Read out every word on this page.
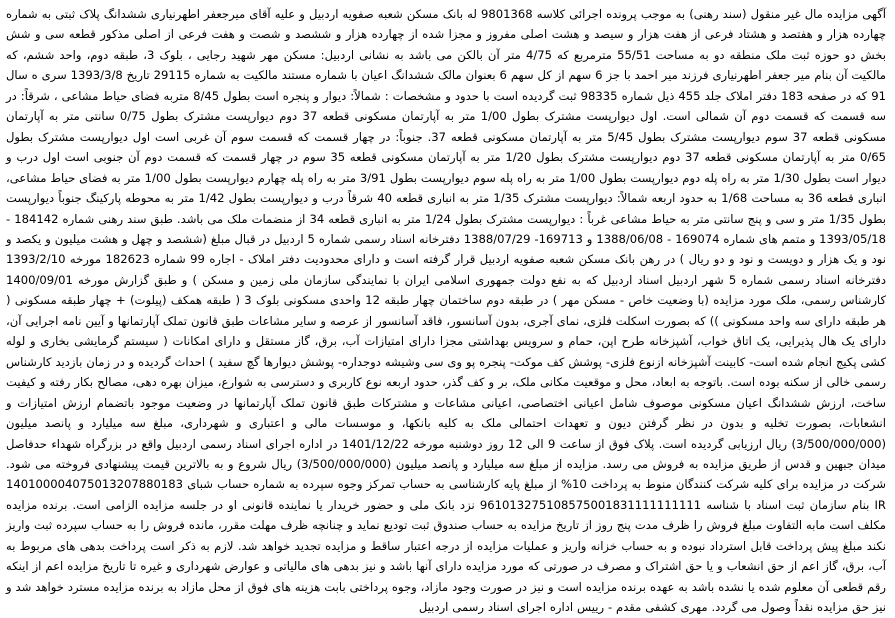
آگهی مزایده مال غیر منقول (سند رهنی) به موجب پرونده اجرائی کلاسه 9801368 له بانک مسکن شعبه صفویه اردبیل و علیه آقای میرجعفر اطهرنیاری ششدانگ پلاک ثبتی به شماره چهارده هزار و هفتصد و هشتاد فرعی از هفت هزار و سیصد و هشت اصلی مفروز و مجزا شده از چهارده هزار و ششصد و شصت و هفت فرعی از اصلی مذکور قطعه سی و شش بخش دو حوزه ثبت ملک منطقه دو به مساحت 55/51 مترمربع که 4/75 متر آن بالکن می باشد به نشانی اردبیل: مسکن مهر شهید رجایی ، بلوک 3، طبقه دوم، واحد ششم، که مالکیت آن بنام میر جعفر اطهرنیاری فرزند میر احمد با جز 6 سهم از کل سهم 6 بعنوان مالک ششدانگ اعیان با شماره مستند مالکیت به شماره 29115 تاریخ 1393/3/8 سری ه سال 91 که در صفحه 183 دفتر املاک جلد 455 ذیل شماره 98335 ثبت گردیده است با حدود و مشخصات : شمالاً: دیوار و پنجره است بطول 8/45 متربه فضای حیاط مشاعی ، شرقاً: در سه قسمت که قسمت دوم آن شمالی است. اول دیوارپست مشترک بطول 1/00 متر به آپارتمان مسکونی قطعه 37 دوم دیوارپست مشترک بطول 0/75 سانتی متر به آپارتمان مسکونی قطعه 37 سوم دیوارپست مشترک بطول 5/45 متر به آپارتمان مسکونی قطعه 37. جنوباً: در چهار قسمت که قسمت سوم آن غربی است اول دیوارپست مشترک بطول 0/65 متر به آپارتمان مسکونی قطعه 37 دوم دیوارپست مشترک بطول 1/20 متر به آپارتمان مسکونی قطعه 35 سوم در چهار قسمت که قسمت دوم آن جنوبی است اول درب و دیوار است بطول 1/30 متر به راه پله دوم دیوارپست بطول 1/00 متر به راه پله سوم دیوارپست بطول 3/91 متر به راه پله چهارم دیوارپست بطول 1/00 متر به فضای حیاط مشاعی، انباری قطعه 36 به مساحت 1/68 به حدود اربعه شمالاً: دیوارپست مشترک 1/35 متر به انباری قطعه 40 شرقاً درب و دیوارپست بطول 1/42 متر به محوطه پارکینگ جنوباً دیوارپست بطول 1/35 متر و سی و پنج سانتی متر به حیاط مشاعی غرباً : دیوارپست مشترک بطول 1/24 متر به انباری قطعه 34 از منضمات ملک می باشد. طبق سند رهنی شماره 184142 - 1393/05/18 و متمم های شماره 169074 - 1388/06/08 و 169713- 1388/07/29 دفترخانه اسناد رسمی شماره 5 اردبیل در قبال مبلغ (ششصد و چهل و هشت میلیون و یکصد و نود و یک هزار و دویست و نود و دو ریال ) در رهن بانک مسکن شعبه صفویه اردبیل قرار گرفته است و دارای محدودیت دفتر املاک - اجاره 99 شماره 182623 مورخه 1393/2/10 دفترخانه اسناد رسمی شماره 5 شهر اردبیل اسناد اردبیل که به نفع دولت جمهوری اسلامی ایران با نمایندگی سازمان ملی زمین و مسکن ) و طبق گزارش مورخه 1400/09/01 کارشناس رسمی، ملک مورد مزایده (با وضعیت خاص - مسکن مهر ) در طبقه دوم ساختمان چهار طبقه 12 واحدی مسکونی بلوک 3 ( طبقه همکف (پیلوت) + چهار طبقه مسکونی ( هر طبقه دارای سه واحد مسکونی )) که بصورت اسکلت فلزی، نمای آجری، بدون آسانسور، فاقد آسانسور از عرصه و سایر مشاعات طبق قانون تملک آپارتمانها و آیین نامه اجرایی آن، دارای یک هال پذیرایی، یک اتاق خواب، آشپزخانه طرح اپن، حمام و سرویس بهداشتی مجزا دارای امتیازات آب، برق، گاز مستقل و دارای امکانات ( سیستم گرمایشی بخاری و لوله کشی پکیج انجام شده است- کابینت آشپزخانه ازنوع فلزی- پوشش کف موکت- پنجره پو وی سی وشیشه دوجداره- پوشش دیوارها گچ سفید ) احداث گردیده و در زمان بازدید کارشناس رسمی خالی از سکنه بوده است. باتوجه به ابعاد، محل و موقعیت مکانی ملک، بر و کف گذر، حدود اربعه نوع کاربری و دسترسی به شوارع، میزان بهره دهی، مصالح بکار رفته و کیفیت ساخت، ارزش ششدانگ اعیان مسکونی موصوف شامل اعیانی اختصاصی، اعیانی مشاعات و مشترکات طبق قانون تملک آپارتمانها در وضعیت موجود باتضمام ارزش امتیازات و انشعابات، بصورت تخلیه و بدون در نظر گرفتن دیون و تعهدات احتمالی ملک به کلیه بانکها، و موسسات مالی و اعتباری و شهرداری، مبلغ سه میلیارد و پانصد میلیون (3/500/000/000) ریال ارزیابی گردیده است. پلاک فوق از ساعت 9 الی 12 روز دوشنبه مورخه 1401/12/22 در اداره اجرای اسناد رسمی اردبیل واقع در بزرگراه شهداء حدفاصل میدان جبهین و قدس از طریق مزایده به فروش می رسد. مزایده از مبلغ سه میلیارد و پانصد میلیون (3/500/000/000) ریال شروع و به بالاترین قیمت پیشنهادی فروخته می شود. شرکت در مزایده برای کلیه شرکت کنندگان منوط به پرداخت 10% از مبلغ پایه کارشناسی به حساب تمرکز وجوه سپرده به شماره حساب شبای 140100004075013207880183 IR بنام سازمان ثبت اسناد با شناسه 961013275108575001831111111111 نزد بانک ملی و حضور خریدار یا نماینده قانونی او در جلسه مزایده الزامی است. برنده مزایده مکلف است مابه التفاوت مبلغ فروش را ظرف مدت پنج روز از تاریخ مزایده به حساب صندوق ثبت تودیع نماید و چنانچه ظرف مهلت مقرر، مانده فروش را به حساب سپرده ثبت واریز نکند مبلغ پیش پرداخت قابل استرداد نبوده و به حساب خزانه واریز و عملیات مزایده از درجه اعتبار ساقط و مزایده تجدید خواهد شد. لازم به ذکر است پرداخت بدهی های مربوط به آب، برق، گاز اعم از حق انشعاب و یا حق اشتراک و مصرف در صورتی که مورد مزایده دارای آنها باشد و نیز بدهی های مالیاتی و عوارض شهرداری و غیره تا تاریخ مزایده اعم از اینکه رقم قطعی آن معلوم شده یا نشده باشد به عهده برنده مزایده است و نیز در صورت وجود مازاد، وجوه پرداختی بابت هزینه های فوق از محل مازاد به برنده مزایده مسترد خواهد شد و نیز حق مزایده نقداً وصول می گردد. مهری کشفی مقدم - رییس اداره اجرای اسناد رسمی اردبیل
